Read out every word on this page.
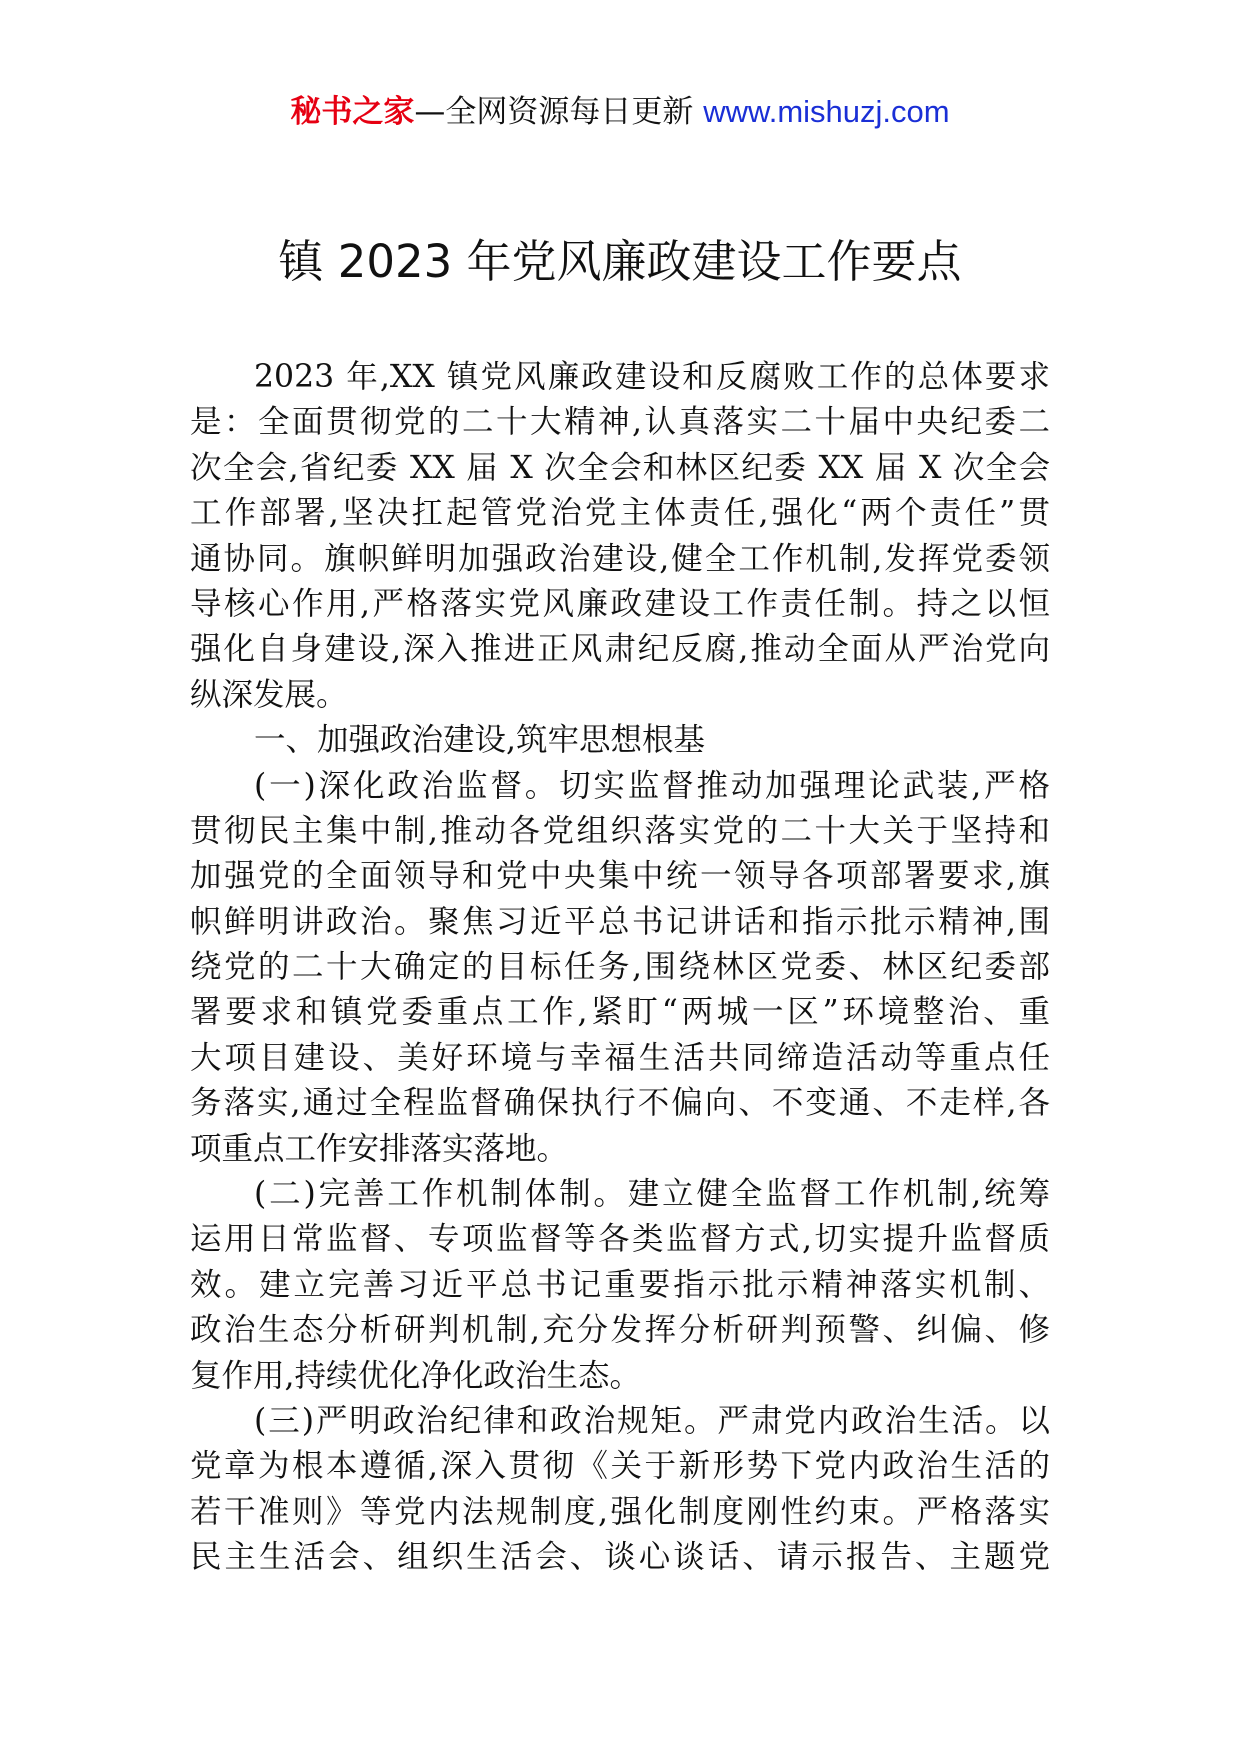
秘书之家—全网资源每日更新 www.mishuzj.com
镇 2023 年党风廉政建设工作要点
2023 年,XX 镇党风廉政建设和反腐败工作的总体要求
是：全面贯彻党的二十大精神,认真落实二十届中央纪委二
次全会,省纪委 XX 届 X 次全会和林区纪委 XX 届 X 次全会
工作部署,坚决扛起管党治党主体责任,强化“两个责任”贯
通协同。旗帜鲜明加强政治建设,健全工作机制,发挥党委领
导核心作用,严格落实党风廉政建设工作责任制。持之以恒
强化自身建设,深入推进正风肃纪反腐,推动全面从严治党向
纵深发展。
一、加强政治建设,筑牢思想根基
(一)深化政治监督。切实监督推动加强理论武装,严格
贯彻民主集中制,推动各党组织落实党的二十大关于坚持和
加强党的全面领导和党中央集中统一领导各项部署要求,旗
帜鲜明讲政治。聚焦习近平总书记讲话和指示批示精神,围
绕党的二十大确定的目标任务,围绕林区党委、林区纪委部
署要求和镇党委重点工作,紧盯“两城一区”环境整治、重
大项目建设、美好环境与幸福生活共同缔造活动等重点任
务落实,通过全程监督确保执行不偏向、不变通、不走样,各
项重点工作安排落实落地。
(二)完善工作机制体制。建立健全监督工作机制,统筹
运用日常监督、专项监督等各类监督方式,切实提升监督质
效。建立完善习近平总书记重要指示批示精神落实机制、
政治生态分析研判机制,充分发挥分析研判预警、纠偏、修
复作用,持续优化净化政治生态。
(三)严明政治纪律和政治规矩。严肃党内政治生活。以
党章为根本遵循,深入贯彻《关于新形势下党内政治生活的
若干准则》等党内法规制度,强化制度刚性约束。严格落实
民主生活会、组织生活会、谈心谈话、请示报告、主题党
